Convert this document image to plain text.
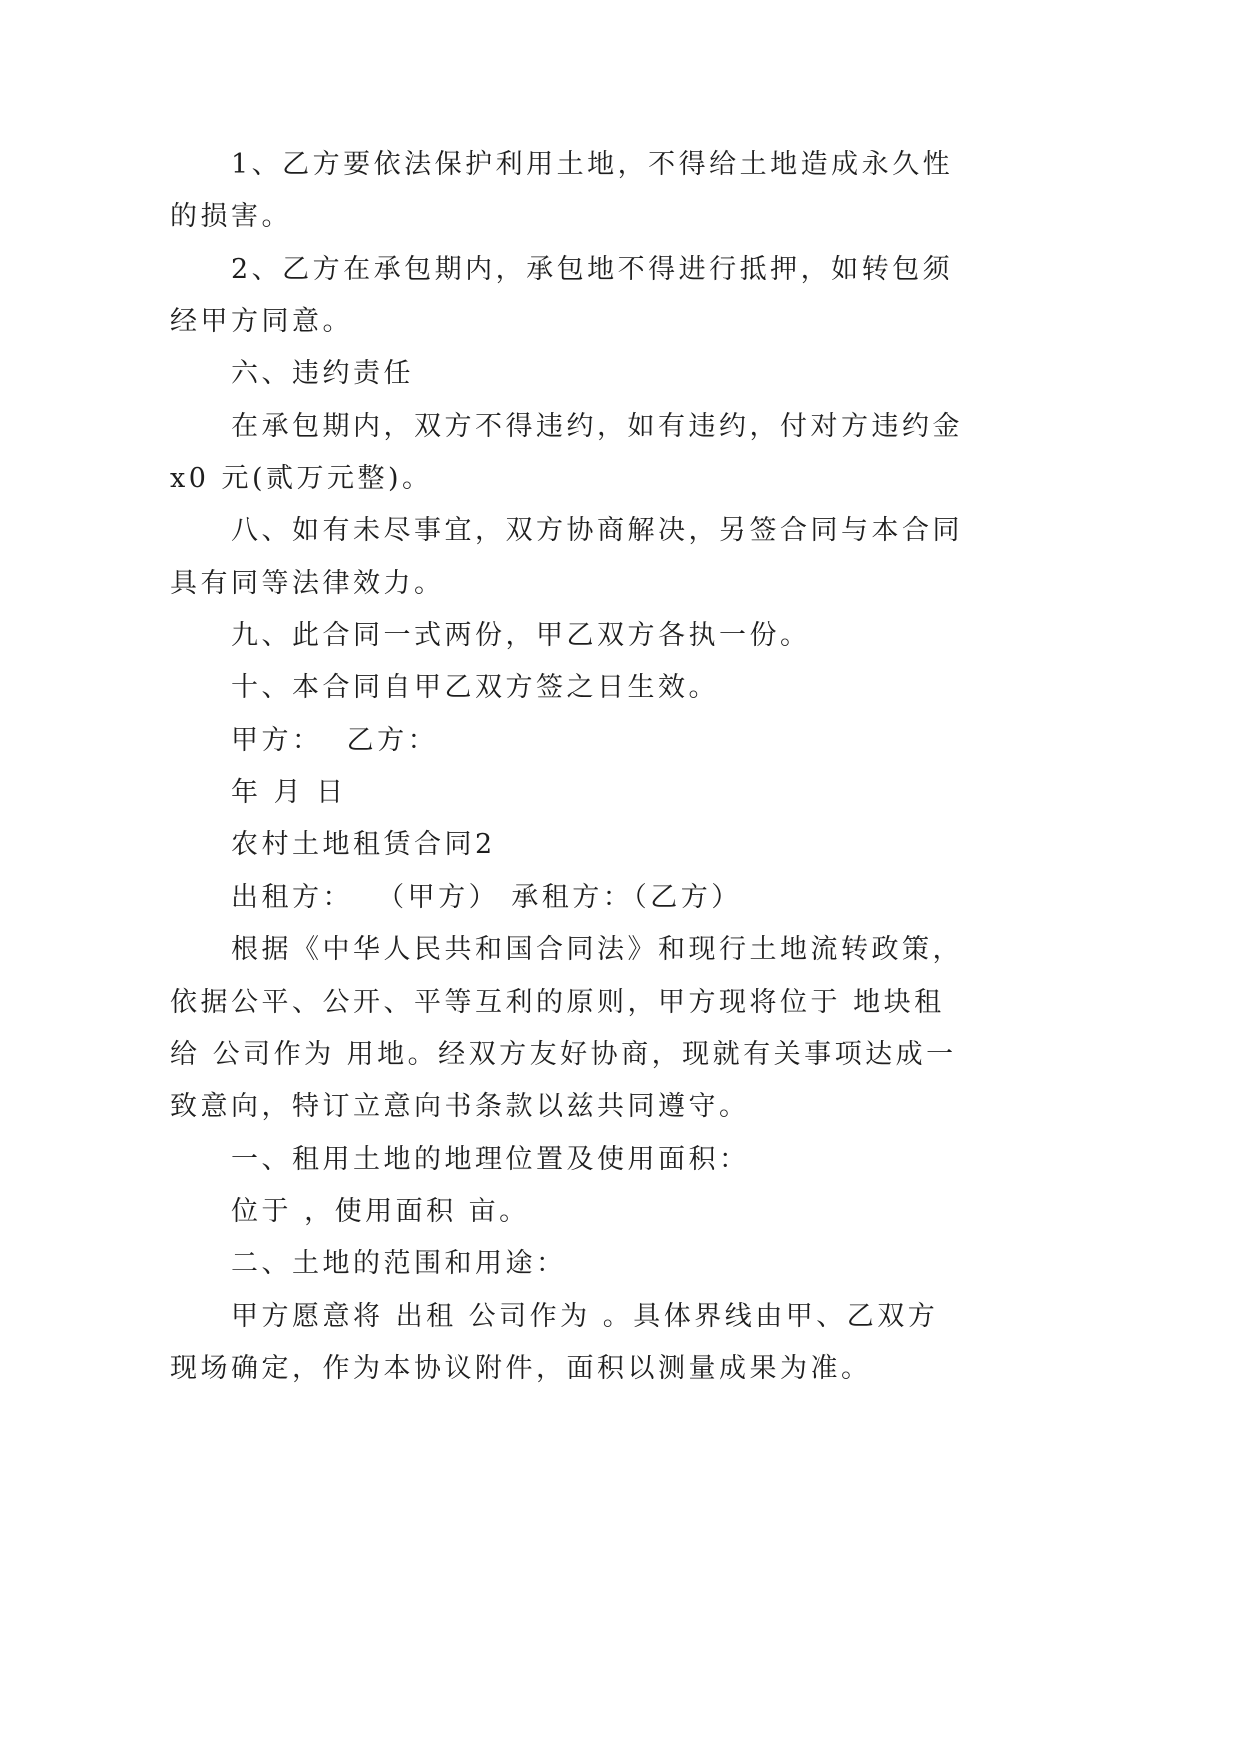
1、乙方要依法保护利用土地，不得给土地造成永久性
的损害。
2、乙方在承包期内，承包地不得进行抵押，如转包须
经甲方同意。
六、违约责任
在承包期内，双方不得违约，如有违约，付对方违约金
x0 元(贰万元整)。
八、如有未尽事宜，双方协商解决，另签合同与本合同
具有同等法律效力。
九、此合同一式两份，甲乙双方各执一份。
十、本合同自甲乙双方签之日生效。
甲方：  乙方：
年 月 日
农村土地租赁合同2
出租方：  （甲方） 承租方：（乙方）
根据《中华人民共和国合同法》和现行土地流转政策，
依据公平、公开、平等互利的原则，甲方现将位于 地块租
给 公司作为 用地。经双方友好协商，现就有关事项达成一
致意向，特订立意向书条款以兹共同遵守。
一、租用土地的地理位置及使用面积：
位于 ，使用面积 亩。
二、土地的范围和用途：
甲方愿意将 出租 公司作为 。具体界线由甲、乙双方
现场确定，作为本协议附件，面积以测量成果为准。
